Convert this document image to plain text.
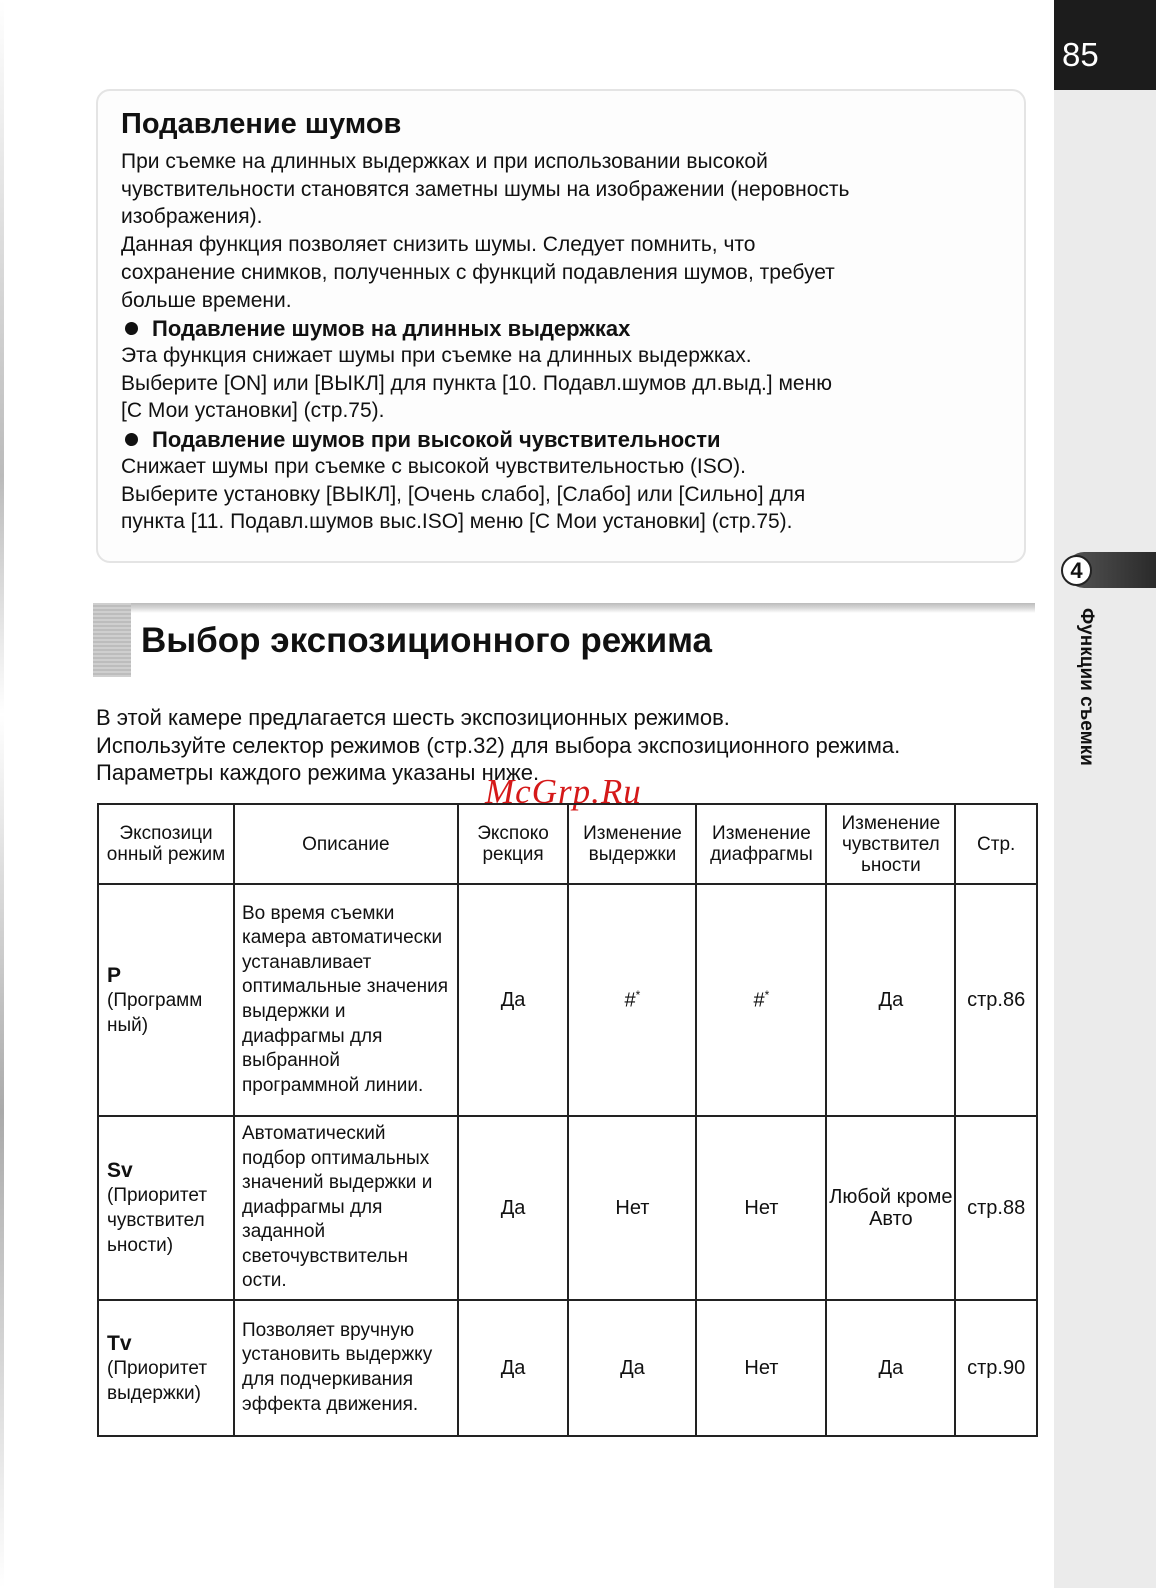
85
4
Функции съемки
Подавление шумов
При съемке на длинных выдержках и при использовании высокой
чувствительности становятся заметны шумы на изображении (неровность
изображения).
Данная функция позволяет снизить шумы. Следует помнить, что
сохранение снимков, полученных с функций подавления шумов, требует
больше времени.
Подавление шумов на длинных выдержках
Эта функция снижает шумы при съемке на длинных выдержках.
Выберите [ON] или [ВЫКЛ] для пункта [10. Подавл.шумов дл.выд.] меню
[C Мои установки] (стр.75).
Подавление шумов при высокой чувствительности
Снижает шумы при съемке с высокой чувствительностью (ISO).
Выберите установку [ВЫКЛ], [Очень слабо], [Слабо] или [Сильно] для
пункта [11. Подавл.шумов выс.ISO] меню [C Мои установки] (стр.75).
Выбор экспозиционного режима
В этой камере предлагается шесть экспозиционных режимов.
Используйте селектор режимов (стр.32) для выбора экспозиционного режима.
Параметры каждого режима указаны ниже.
McGrp.Ru
Экспозици онный режим	Описание	Экспоко рекция	Изменение выдержки	Изменение диафрагмы	Изменение чувствител ьности	Стр.

P
(Программ ный)	Во время съемки камера автоматически устанавливает оптимальные значения выдержки и диафрагмы для выбранной программной линии.	Да	#*	#*	Да	стр.86

Sv
(Приоритет чувствител ьности)	Автоматический подбор оптимальных значений выдержки и диафрагмы для заданной светочувствительн ости.	Да	Нет	Нет	Любой кроме Авто	стр.88

Tv
(Приоритет выдержки)	Позволяет вручную установить выдержку для подчеркивания эффекта движения.	Да	Да	Нет	Да	стр.90
